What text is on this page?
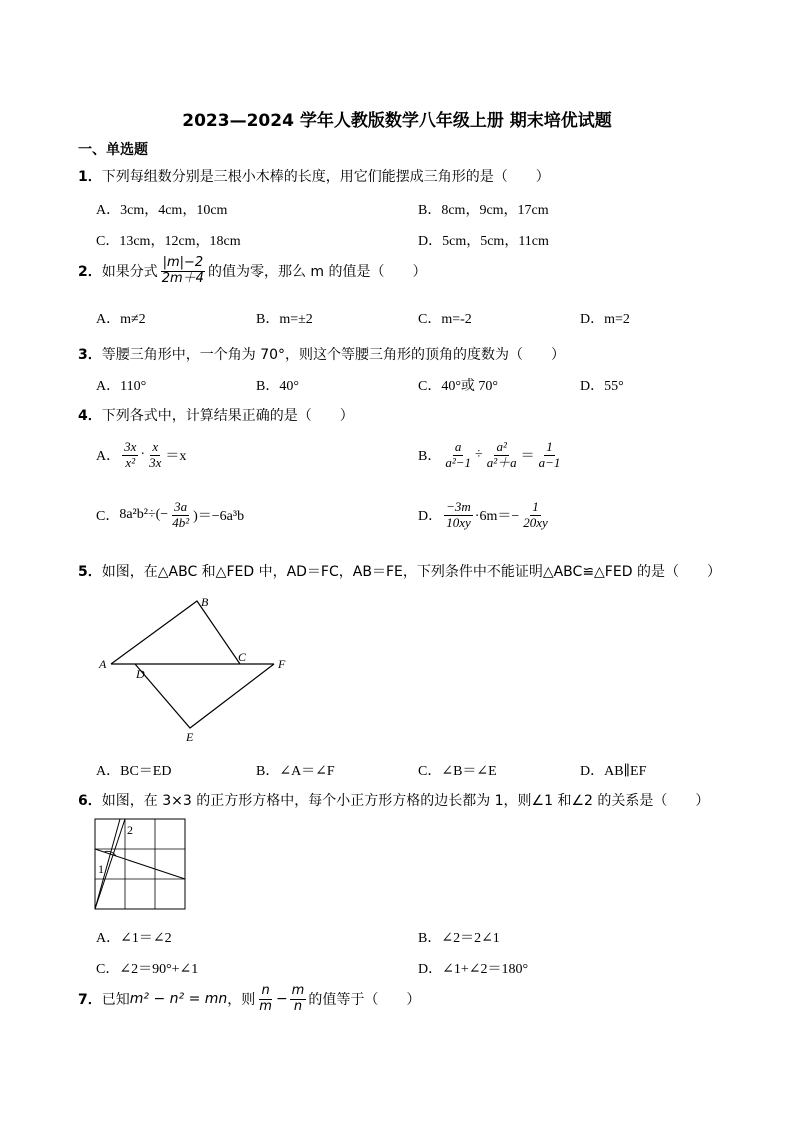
2023—2024 学年人教版数学八年级上册 期末培优试题
一、单选题
1．下列每组数分别是三根小木棒的长度，用它们能摆成三角形的是（　　）
A．3cm，4cm，10cm	B．8cm，9cm，17cm
C．13cm，12cm，18cm	D．5cm，5cm，11cm
2． 如果分式 $\frac{|m|-2}{2m+4}$ 的值为零，那么 m 的值是（　　）
A．m≠2	B．m=±2	C．m=-2	D．m=2
3．等腰三角形中，一个角为 70°，则这个等腰三角形的顶角的度数为（　　）
A．110°	B．40°	C．40°或 70°	D．55°
4．下列各式中，计算结果正确的是（　　）
A． $\frac{3x}{\text{x²}} \cdot \frac{x}{3x} =x$	B． $\frac{a}{\text{a²−1}} \div \frac{\text{a²}}{\text{a²＋a}} = \frac{1}{a-1}$
C． $8a^2b^2\div(- \frac{3a}{\text{4b²}} )=-6a^3b$	D． $\frac{-3m}{10xy} \cdot 6m=- \frac{1}{20xy}$
5．如图，在△ABC 和△FED 中，AD＝FC，AB＝FE，下列条件中不能证明△ABC≌△FED 的是（　　）
A
B
C
D
E
F
A．BC＝ED	B．∠A＝∠F	C．∠B＝∠E	D．AB∥EF
6．如图，在 3×3 的正方形方格中，每个小正方形方格的边长都为 1，则∠1 和∠2 的关系是（　　）
1
2
A．∠1＝∠2	B．∠2＝2∠1
C．∠2＝90°+∠1	D．∠1+∠2＝180°
7． 已知 m² − n² = mn ，则 $\frac{n}{m} - \frac{m}{n}$ 的值等于（　　）
